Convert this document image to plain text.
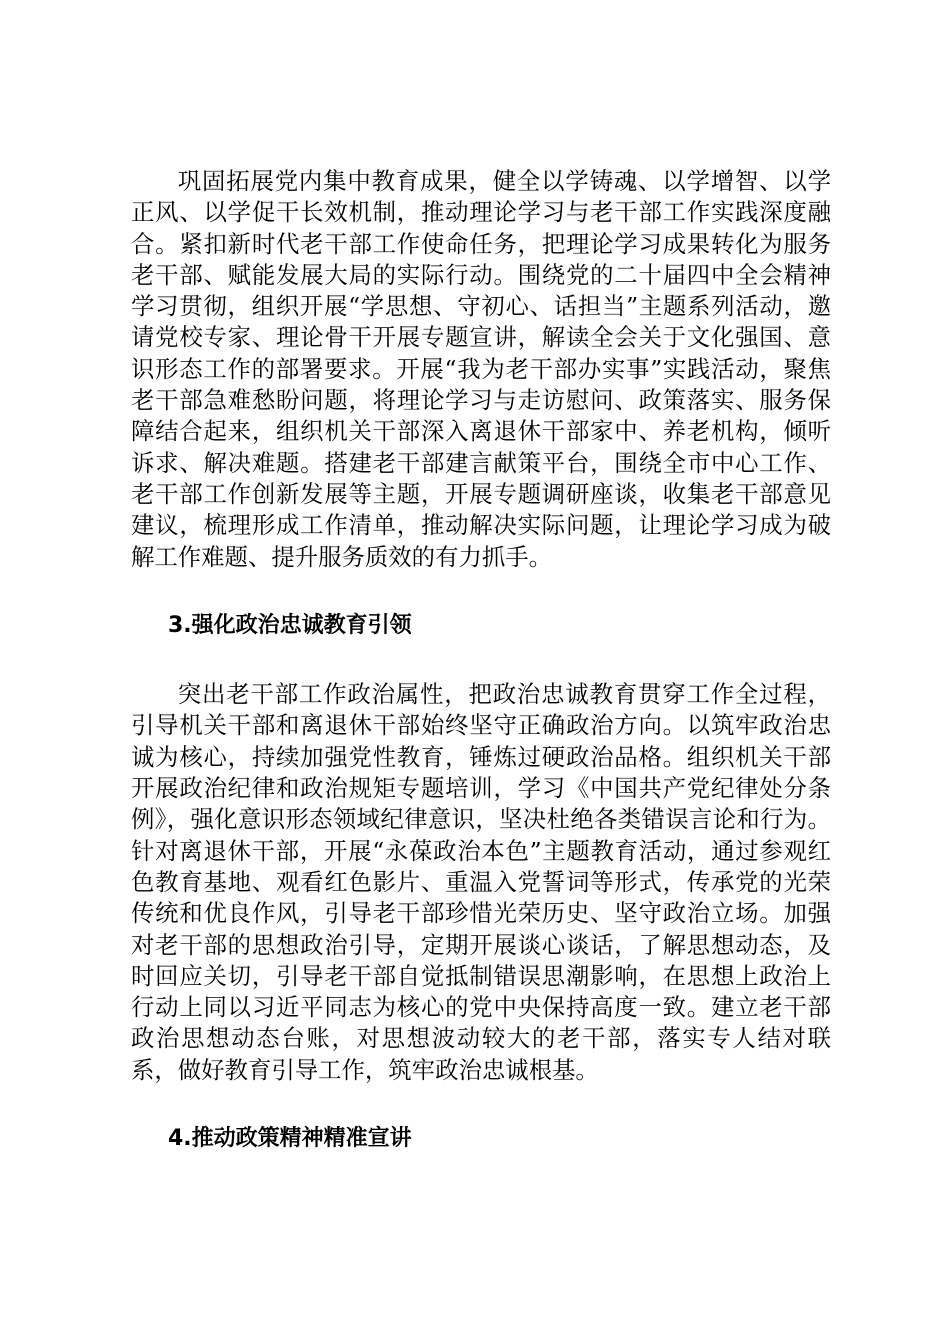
巩固拓展党内集中教育成果，健全以学铸魂、以学增智、以学正风、以学促干长效机制，推动理论学习与老干部工作实践深度融合。紧扣新时代老干部工作使命任务，把理论学习成果转化为服务老干部、赋能发展大局的实际行动。围绕党的二十届四中全会精神学习贯彻，组织开展“学思想、守初心、话担当”主题系列活动，邀请党校专家、理论骨干开展专题宣讲，解读全会关于文化强国、意识形态工作的部署要求。开展“我为老干部办实事”实践活动，聚焦老干部急难愁盼问题，将理论学习与走访慰问、政策落实、服务保障结合起来，组织机关干部深入离退休干部家中、养老机构，倾听诉求、解决难题。搭建老干部建言献策平台，围绕全市中心工作、老干部工作创新发展等主题，开展专题调研座谈，收集老干部意见建议，梳理形成工作清单，推动解决实际问题，让理论学习成为破解工作难题、提升服务质效的有力抓手。

3.强化政治忠诚教育引领

突出老干部工作政治属性，把政治忠诚教育贯穿工作全过程，引导机关干部和离退休干部始终坚守正确政治方向。以筑牢政治忠诚为核心，持续加强党性教育，锤炼过硬政治品格。组织机关干部开展政治纪律和政治规矩专题培训，学习《中国共产党纪律处分条例》，强化意识形态领域纪律意识，坚决杜绝各类错误言论和行为。针对离退休干部，开展“永葆政治本色”主题教育活动，通过参观红色教育基地、观看红色影片、重温入党誓词等形式，传承党的光荣传统和优良作风，引导老干部珍惜光荣历史、坚守政治立场。加强对老干部的思想政治引导，定期开展谈心谈话，了解思想动态，及时回应关切，引导老干部自觉抵制错误思潮影响，在思想上政治上行动上同以习近平同志为核心的党中央保持高度一致。建立老干部政治思想动态台账，对思想波动较大的老干部，落实专人结对联系，做好教育引导工作，筑牢政治忠诚根基。

4.推动政策精神精准宣讲
